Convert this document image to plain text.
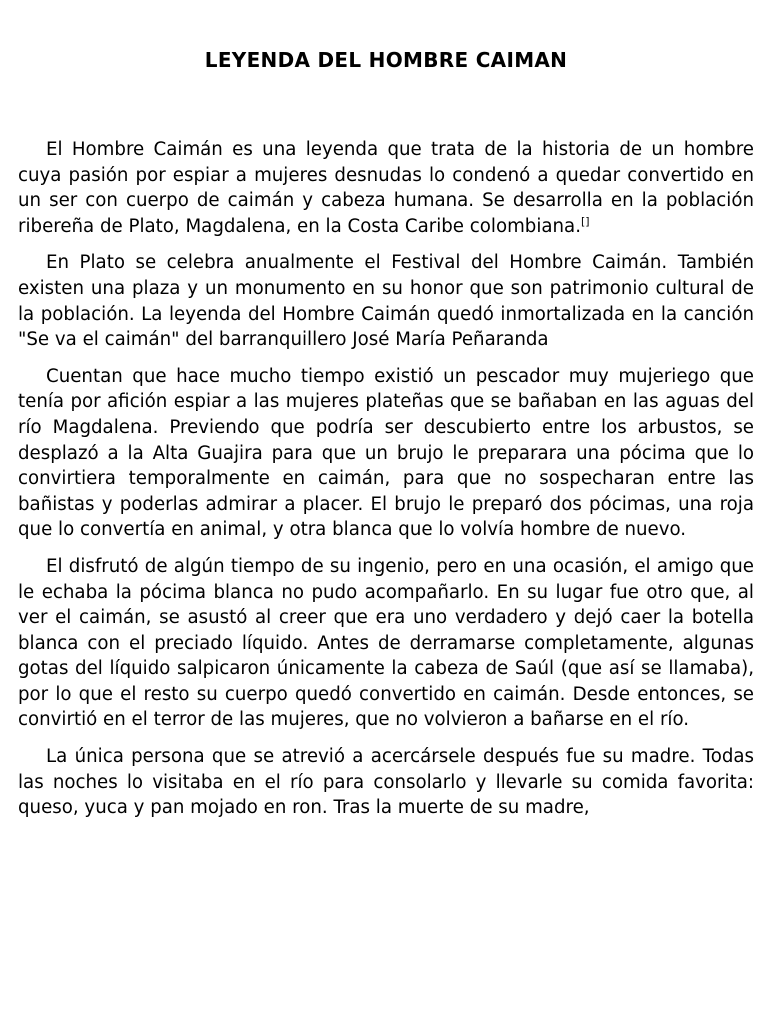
LEYENDA DEL HOMBRE CAIMAN

El Hombre Caimán es una leyenda que trata de la historia de un hombre cuya pasión por espiar a mujeres desnudas lo condenó a quedar convertido en un ser con cuerpo de caimán y cabeza humana. Se desarrolla en la población ribereña de Plato, Magdalena, en la Costa Caribe colombiana.[]

En Plato se celebra anualmente el Festival del Hombre Caimán. También existen una plaza y un monumento en su honor que son patrimonio cultural de la población. La leyenda del Hombre Caimán quedó inmortalizada en la canción "Se va el caimán" del barranquillero José María Peñaranda

Cuentan que hace mucho tiempo existió un pescador muy mujeriego que tenía por afición espiar a las mujeres plateñas que se bañaban en las aguas del río Magdalena. Previendo que podría ser descubierto entre los arbustos, se desplazó a la Alta Guajira para que un brujo le preparara una pócima que lo convirtiera temporalmente en caimán, para que no sospecharan entre las bañistas y poderlas admirar a placer. El brujo le preparó dos pócimas, una roja que lo convertía en animal, y otra blanca que lo volvía hombre de nuevo.

El disfrutó de algún tiempo de su ingenio, pero en una ocasión, el amigo que le echaba la pócima blanca no pudo acompañarlo. En su lugar fue otro que, al ver el caimán, se asustó al creer que era uno verdadero y dejó caer la botella blanca con el preciado líquido. Antes de derramarse completamente, algunas gotas del líquido salpicaron únicamente la cabeza de Saúl (que así se llamaba), por lo que el resto su cuerpo quedó convertido en caimán. Desde entonces, se convirtió en el terror de las mujeres, que no volvieron a bañarse en el río.

La única persona que se atrevió a acercársele después fue su madre. Todas las noches lo visitaba en el río para consolarlo y llevarle su comida favorita: queso, yuca y pan mojado en ron. Tras la muerte de su madre,
